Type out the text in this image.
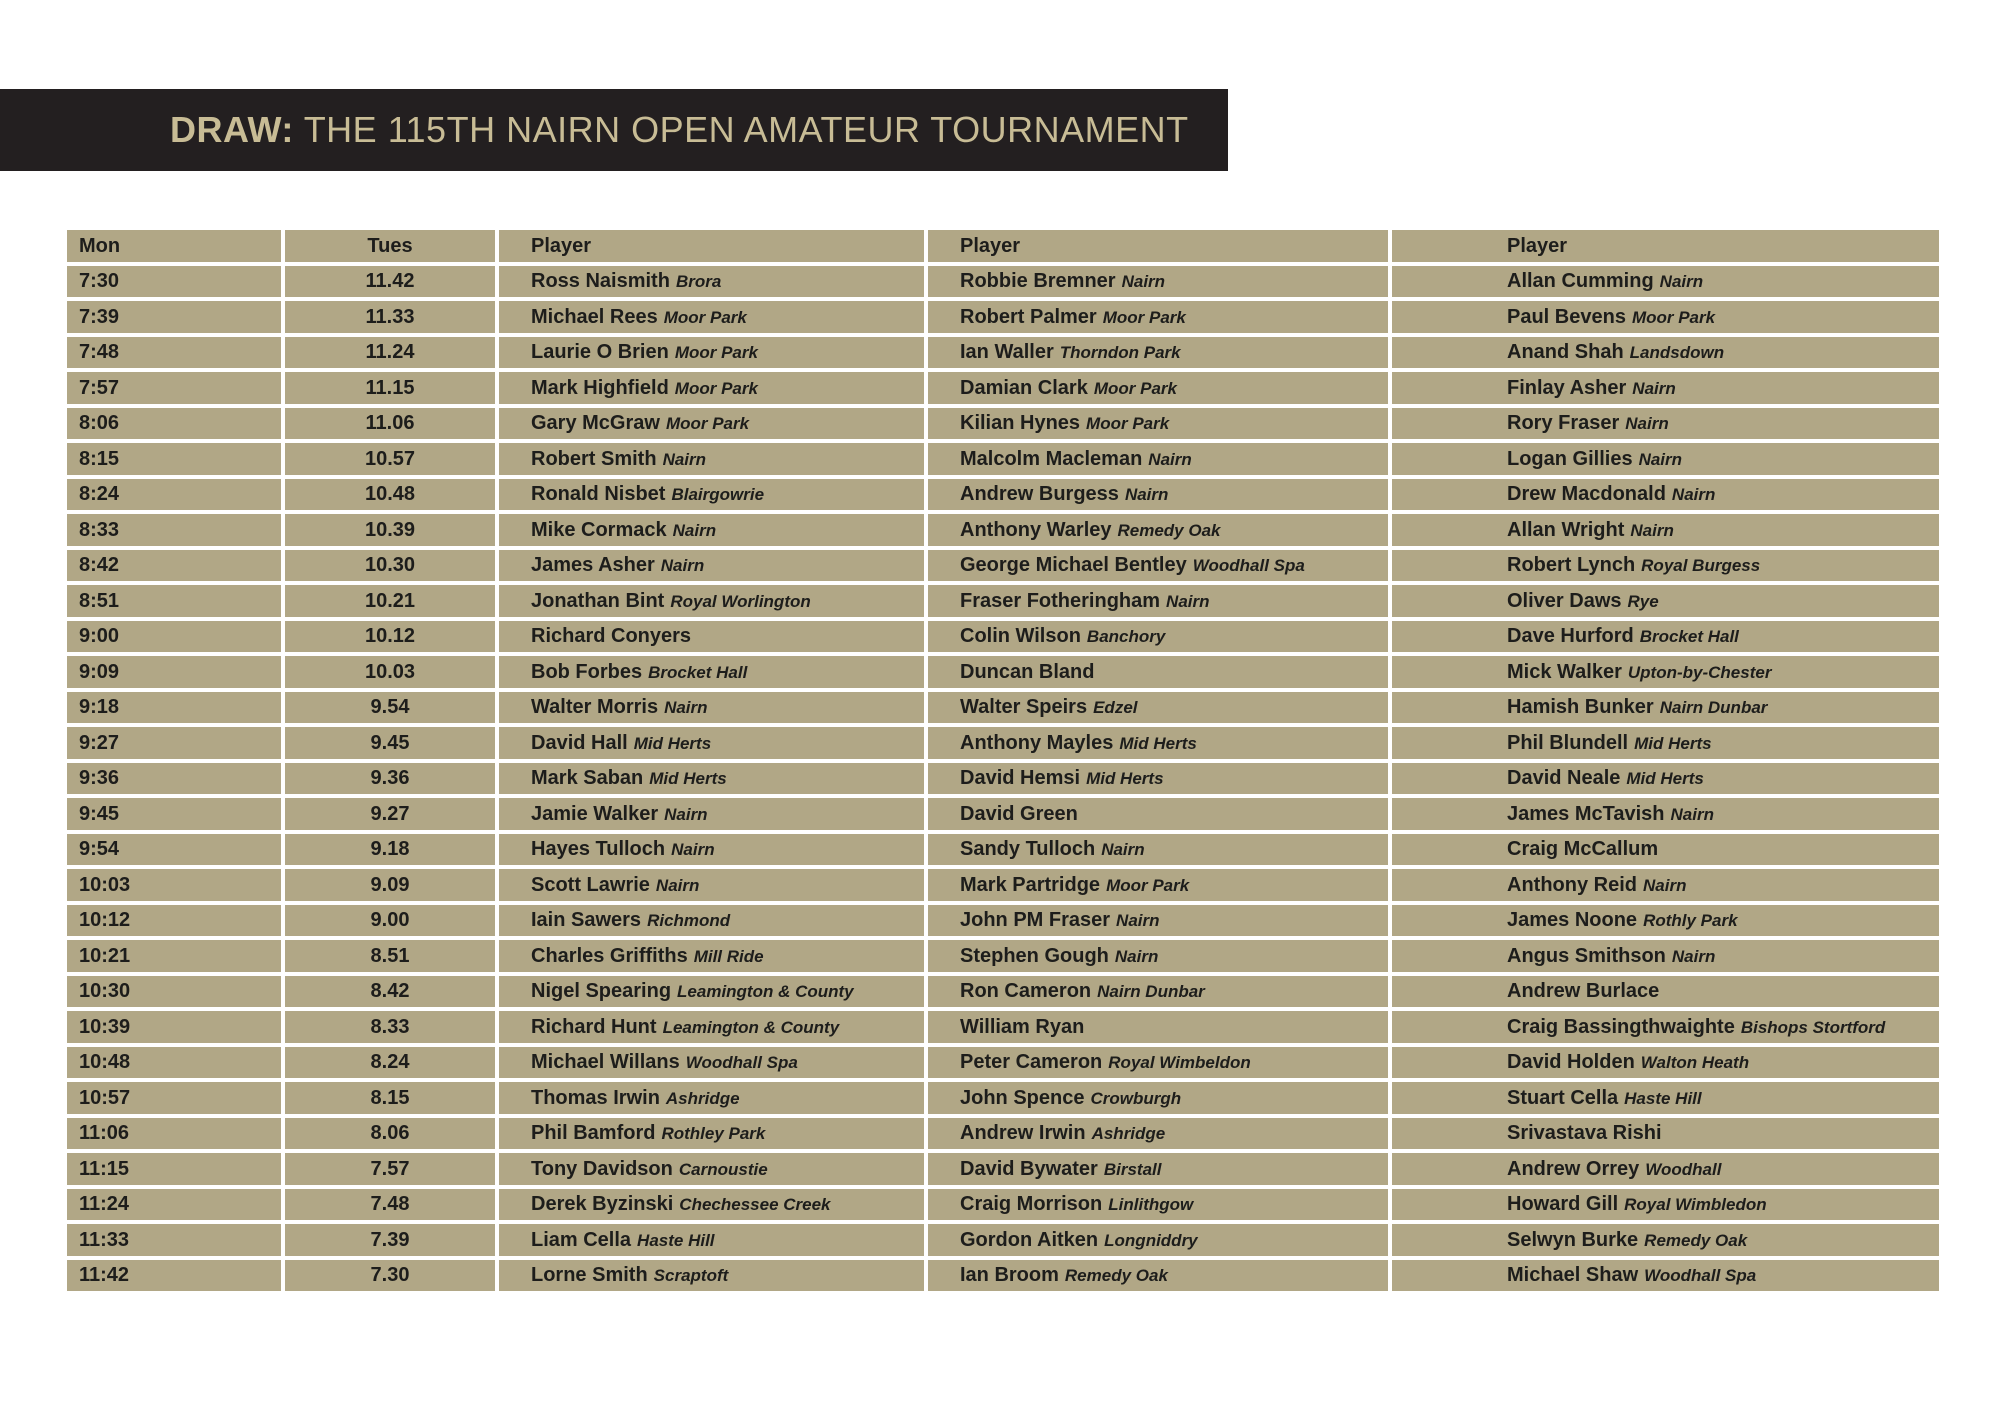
DRAW: THE 115TH NAIRN OPEN AMATEUR TOURNAMENT
Mon	Tues	Player	Player	Player
7:30	11.42	Ross Naismith Brora	Robbie Bremner Nairn	Allan Cumming Nairn
7:39	11.33	Michael Rees Moor Park	Robert Palmer Moor Park	Paul Bevens Moor Park
7:48	11.24	Laurie O Brien Moor Park	Ian Waller Thorndon Park	Anand Shah Landsdown
7:57	11.15	Mark Highfield Moor Park	Damian Clark Moor Park	Finlay Asher Nairn
8:06	11.06	Gary McGraw Moor Park	Kilian Hynes Moor Park	Rory Fraser Nairn
8:15	10.57	Robert Smith Nairn	Malcolm Macleman Nairn	Logan Gillies Nairn
8:24	10.48	Ronald Nisbet Blairgowrie	Andrew Burgess Nairn	Drew Macdonald Nairn
8:33	10.39	Mike Cormack Nairn	Anthony Warley Remedy Oak	Allan Wright Nairn
8:42	10.30	James Asher Nairn	George Michael Bentley Woodhall Spa	Robert Lynch Royal Burgess
8:51	10.21	Jonathan Bint Royal Worlington	Fraser Fotheringham Nairn	Oliver Daws Rye
9:00	10.12	Richard Conyers	Colin Wilson Banchory	Dave Hurford Brocket Hall
9:09	10.03	Bob Forbes Brocket Hall	Duncan Bland	Mick Walker Upton-by-Chester
9:18	9.54	Walter Morris Nairn	Walter Speirs Edzel	Hamish Bunker Nairn Dunbar
9:27	9.45	David Hall Mid Herts	Anthony Mayles Mid Herts	Phil Blundell Mid Herts
9:36	9.36	Mark Saban Mid Herts	David Hemsi Mid Herts	David Neale Mid Herts
9:45	9.27	Jamie Walker Nairn	David Green	James McTavish Nairn
9:54	9.18	Hayes Tulloch Nairn	Sandy Tulloch Nairn	Craig McCallum
10:03	9.09	Scott Lawrie Nairn	Mark Partridge Moor Park	Anthony Reid Nairn
10:12	9.00	Iain Sawers Richmond	John PM Fraser Nairn	James Noone Rothly Park
10:21	8.51	Charles Griffiths Mill Ride	Stephen Gough Nairn	Angus Smithson Nairn
10:30	8.42	Nigel Spearing Leamington & County	Ron Cameron Nairn Dunbar	Andrew Burlace
10:39	8.33	Richard Hunt Leamington & County	William Ryan	Craig Bassingthwaighte Bishops Stortford
10:48	8.24	Michael Willans Woodhall Spa	Peter Cameron Royal Wimbeldon	David Holden Walton Heath
10:57	8.15	Thomas Irwin Ashridge	John Spence Crowburgh	Stuart Cella Haste Hill
11:06	8.06	Phil Bamford Rothley Park	Andrew Irwin Ashridge	Srivastava Rishi
11:15	7.57	Tony Davidson Carnoustie	David Bywater Birstall	Andrew Orrey Woodhall
11:24	7.48	Derek Byzinski Chechessee Creek	Craig Morrison Linlithgow	Howard Gill Royal Wimbledon
11:33	7.39	Liam Cella Haste Hill	Gordon Aitken Longniddry	Selwyn Burke Remedy Oak
11:42	7.30	Lorne Smith Scraptoft	Ian Broom Remedy Oak	Michael Shaw Woodhall Spa
